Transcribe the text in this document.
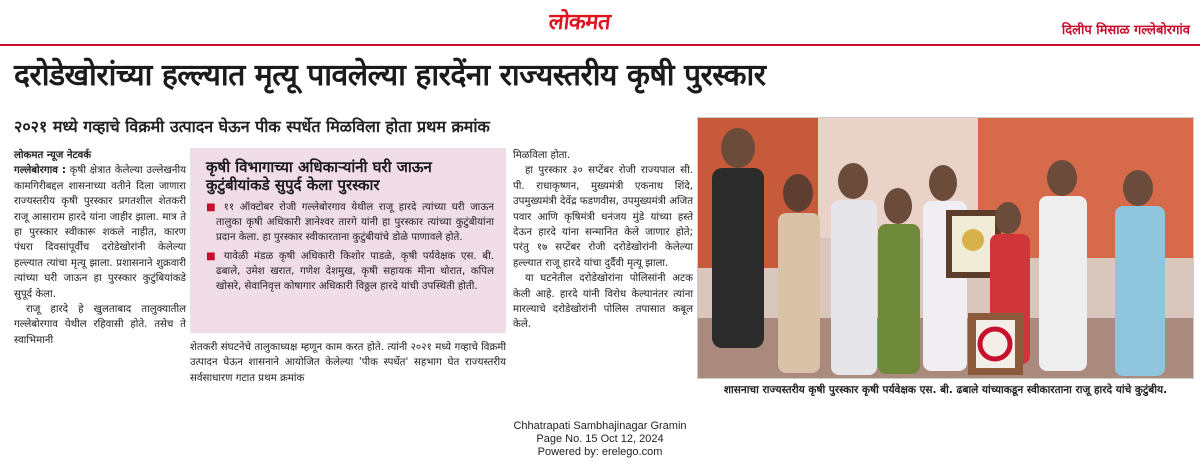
लोकमत	दिलीप मिसाळ गल्लेबोरगांव
दरोडेखोरांच्या हल्ल्यात मृत्यू पावलेल्या हारदेंना राज्यस्तरीय कृषी पुरस्कार
२०२१ मध्ये गव्हाचे विक्रमी उत्पादन घेऊन पीक स्पर्धेत मिळविला होता प्रथम क्रमांक

लोकमत न्यूज नेटवर्क

गल्लेबोरगाव : कृषी क्षेत्रात केलेल्या उल्लेखनीय कामगिरीबद्दल शासनाच्या वतीने दिला जाणारा राज्यस्तरीय कृषी पुरस्कार प्रगतशील शेतकरी राजू आसाराम हारदे यांना जाहीर झाला. मात्र ते हा पुरस्कार स्वीकारू शकले नाहीत, कारण पंधरा दिवसांपूर्वीच दरोडेखोरांनी केलेल्या हल्ल्यात त्यांचा मृत्यू झाला. प्रशासनाने शुक्रवारी त्यांच्या घरी जाऊन हा पुरस्कार कुटुंबियांकडे सुपूर्द केला.

राजू हारदे हे खुलताबाद तालुक्यातील गल्लेबोरगाव येथील रहिवासी होते. तसेच ते स्वाभिमानी

कृषी विभागाच्या अधिकाऱ्यांनी घरी जाऊन कुटुंबीयांकडे सुपुर्द केला पुरस्कार
■ ११ ऑक्टोबर रोजी गल्लेबोरगाव येथील राजू हारदे त्यांच्या घरी जाऊन तालुका कृषी अधिकारी ज्ञानेश्वर तारगे यांनी हा पुरस्कार त्यांच्या कुटुंबीयांना प्रदान केला. हा पुरस्कार स्वीकारताना कुटुंबीयांचे डोळे पाणावले होते.
■ यावेळी मंडळ कृषी अधिकारी किशोर पाडळे, कृषी पर्यवेक्षक एस. बी. ढबाले, उमेश खरात, गणेश देशमुख, कृषी सहायक मीना थोरात, कपिल खोसरे, सेवानिवृत्त कोषागार अधिकारी विठ्ठल हारदे यांची उपस्थिती होती.
शेतकरी संघटनेचे तालुकाध्यक्ष म्हणून काम करत होते. त्यांनी २०२१ मध्ये गव्हाचे विक्रमी उत्पादन घेऊन शासनाने आयोजित केलेल्या 'पीक स्पर्धेत' सहभाग घेत राज्यस्तरीय सर्वसाधारण गटात प्रथम क्रमांक

मिळविला होता.

हा पुरस्कार ३० सप्टेंबर रोजी राज्यपाल सी. पी. राधाकृष्णन, मुख्यमंत्री एकनाथ शिंदे, उपमुख्यमंत्री देवेंद्र फडणवीस, उपमुख्यमंत्री अजित पवार आणि कृषिमंत्री धनंजय मुंडे यांच्या हस्ते देऊन हारदे यांना सन्मानित केले जाणार होते; परंतु १७ सप्टेंबर रोजी दरोडेखोरांनी केलेल्या हल्ल्यात राजू हारदे यांचा दुर्दैवी मृत्यू झाला.

या घटनेतील दरोडेखोरांना पोलिसांनी अटक केली आहे. हारदे यांनी विरोध केल्यानंतर त्यांना मारल्याचे दरोडेखोरांनी पोलिस तपासात कबूल केले.

शासनाचा राज्यस्तरीय कृषी पुरस्कार कृषी पर्यवेक्षक एस. बी. ढबाले यांच्याकडून स्वीकारताना राजू हारदे यांचे कुटुंबीय.
Chhatrapati Sambhajinagar Gramin
Page No. 15 Oct 12, 2024
Powered by: erelego.com
